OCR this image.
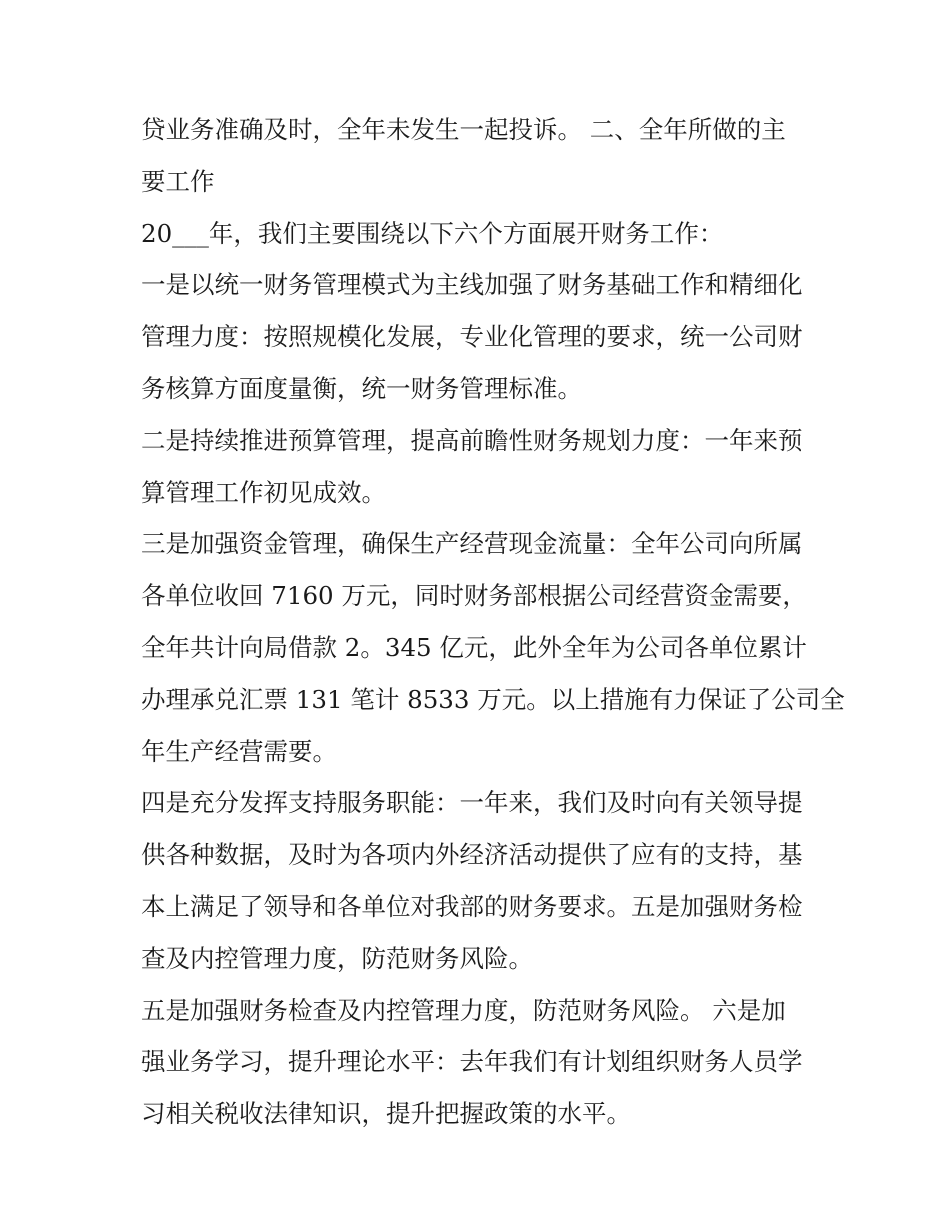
贷业务准确及时，全年未发生一起投诉。 二、全年所做的主
要工作
20___年，我们主要围绕以下六个方面展开财务工作：
一是以统一财务管理模式为主线加强了财务基础工作和精细化
管理力度：按照规模化发展，专业化管理的要求，统一公司财
务核算方面度量衡，统一财务管理标准。
二是持续推进预算管理，提高前瞻性财务规划力度：一年来预
算管理工作初见成效。
三是加强资金管理，确保生产经营现金流量：全年公司向所属
各单位收回 7160 万元，同时财务部根据公司经营资金需要，
全年共计向局借款 2。345 亿元，此外全年为公司各单位累计
办理承兑汇票 131 笔计 8533 万元。以上措施有力保证了公司全
年生产经营需要。
四是充分发挥支持服务职能：一年来，我们及时向有关领导提
供各种数据，及时为各项内外经济活动提供了应有的支持，基
本上满足了领导和各单位对我部的财务要求。五是加强财务检
查及内控管理力度，防范财务风险。
五是加强财务检查及内控管理力度，防范财务风险。 六是加
强业务学习，提升理论水平：去年我们有计划组织财务人员学
习相关税收法律知识，提升把握政策的水平。
